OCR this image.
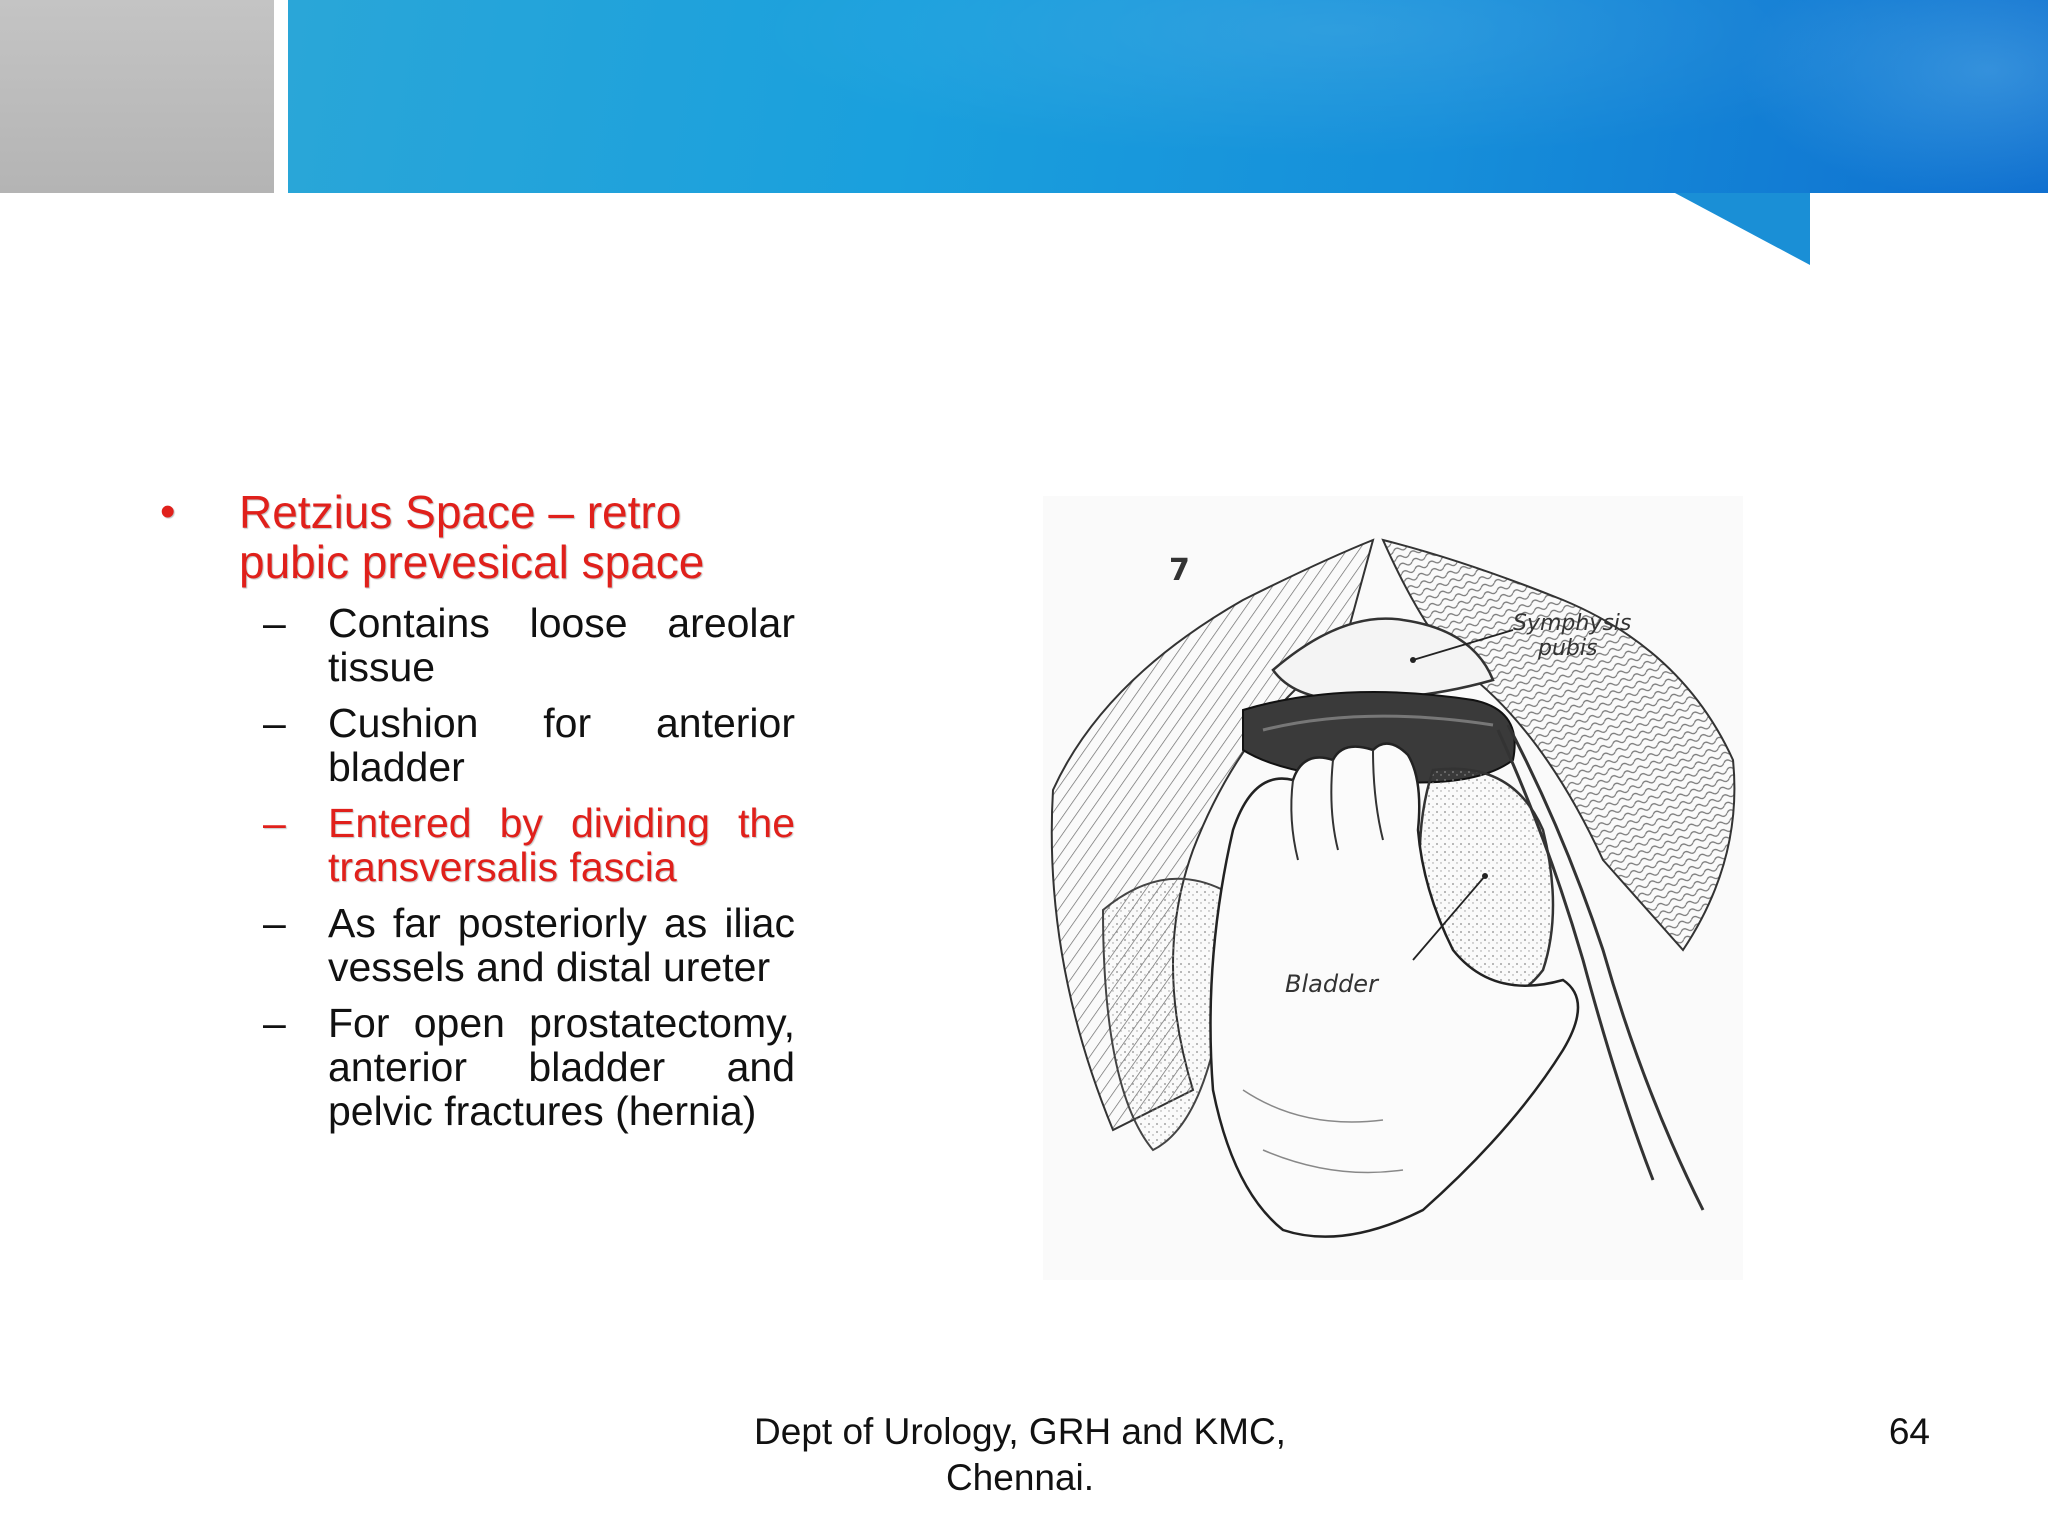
• Retzius Space – retro
pubic prevesical space
– Contains loose areolar tissue
– Cushion for anterior bladder
– Entered by dividing the transversalis fascia
– As far posteriorly as iliac vessels and distal ureter
– For open prostatectomy, anterior bladder and pelvic fractures (hernia)
7
Symphysis
pubis
Bladder
Dept of Urology, GRH and KMC,
Chennai.
64
